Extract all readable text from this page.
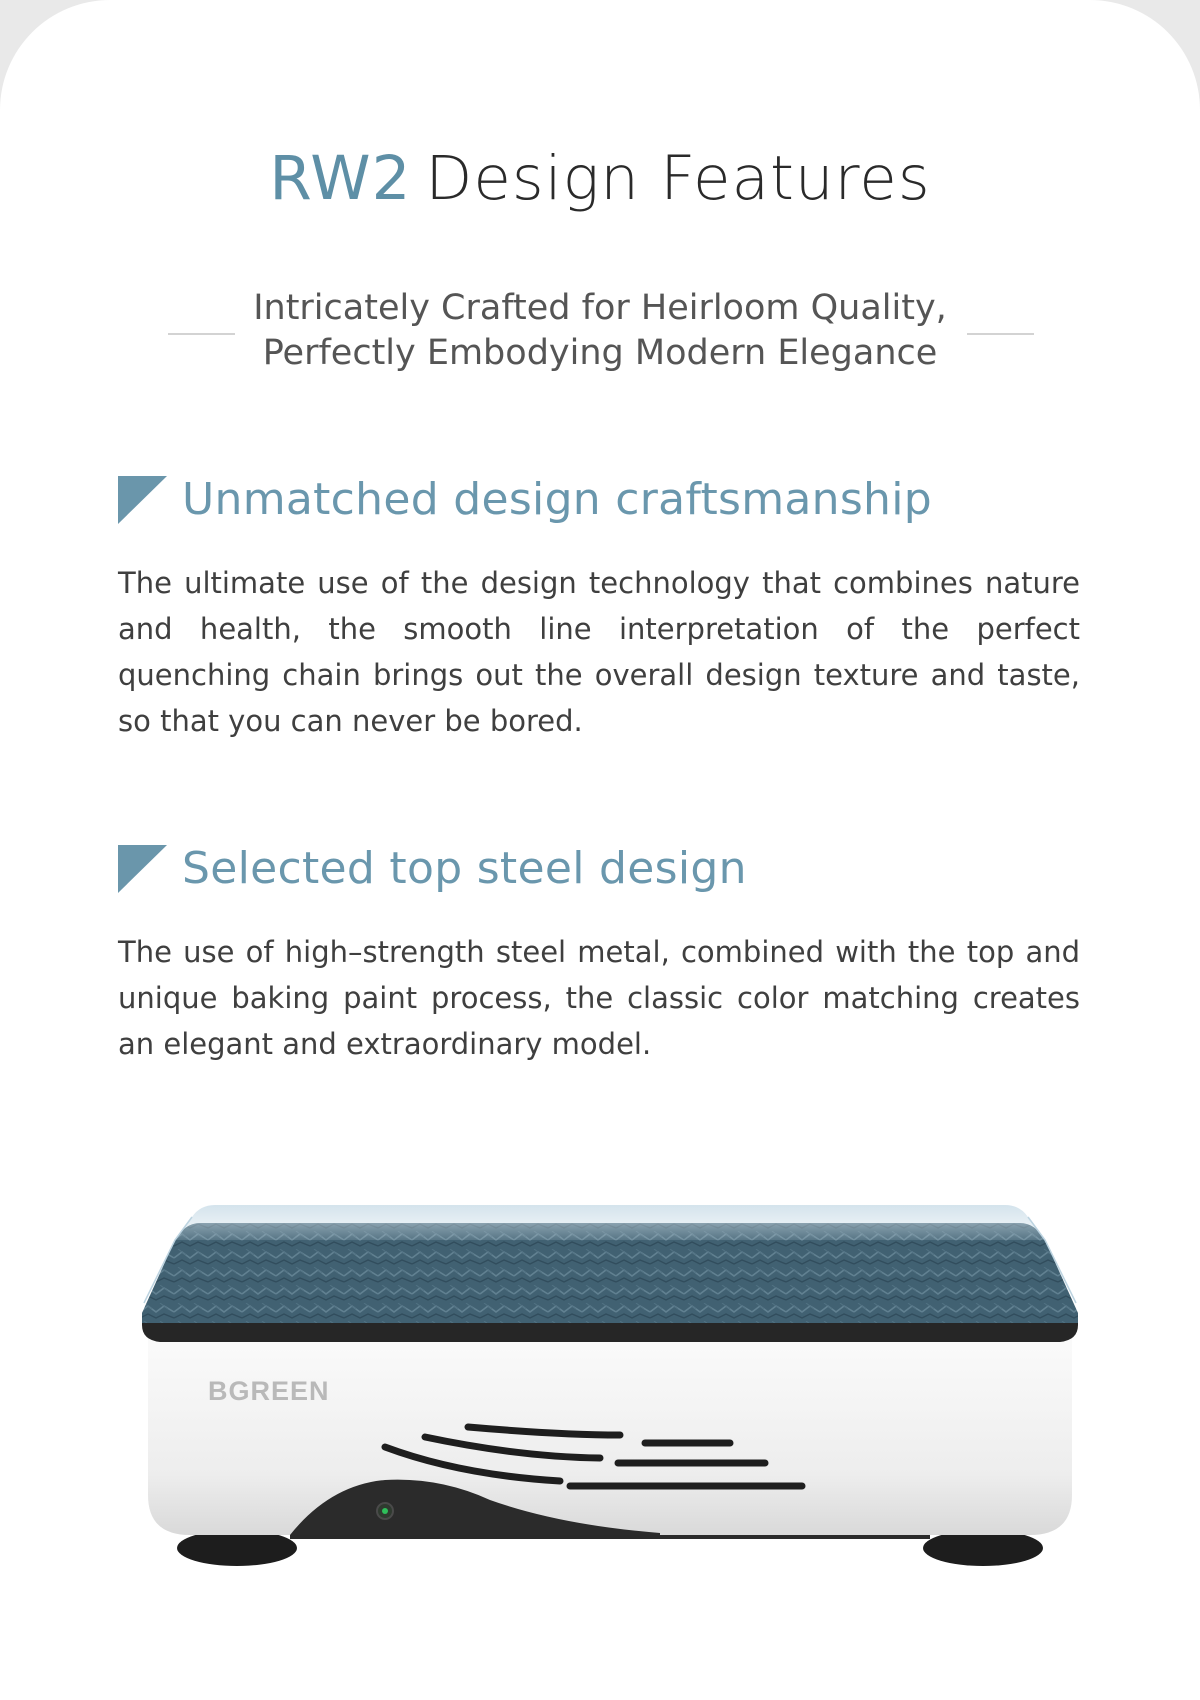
RW2 Design Features
Intricately Crafted for Heirloom Quality,
Perfectly Embodying Modern Elegance
Unmatched design craftsmanship
The ultimate use of the design technology that combines nature and health, the smooth line interpretation of the perfect quenching chain brings out the overall design texture and taste, so that you can never be bored.
Selected top steel design
The use of high–strength steel metal, combined with the top and unique baking paint process, the classic color matching creates an elegant and extraordinary model.
BGREEN
